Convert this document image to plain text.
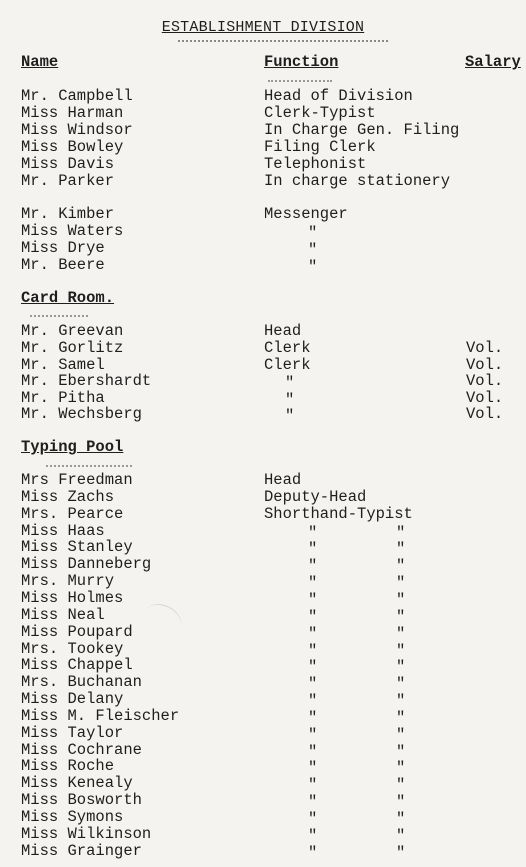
ESTABLISHMENT DIVISION
Name	Function	Salary
Mr. Campbell	Head of Division
Miss Harman	Clerk-Typist
Miss Windsor	In Charge Gen. Filing
Miss Bowley	Filing Clerk
Miss Davis	Telephonist
Mr. Parker	In charge stationery
Mr. Kimber	Messenger
Miss Waters	"
Miss Drye	"
Mr. Beere	"
Card Room.
Mr. Greevan	Head
Mr. Gorlitz	Clerk	Vol.
Mr. Samel	Clerk	Vol.
Mr. Ebershardt	"	Vol.
Mr. Pitha	"	Vol.
Mr. Wechsberg	"	Vol.
Typing Pool
Mrs Freedman	Head
Miss Zachs	Deputy-Head
Mrs. Pearce	Shorthand-Typist
Miss Haas	"	"
Miss Stanley	"	"
Miss Danneberg	"	"
Mrs. Murry	"	"
Miss Holmes	"	"
Miss Neal	"	"
Miss Poupard	"	"
Mrs. Tookey	"	"
Miss Chappel	"	"
Mrs. Buchanan	"	"
Miss Delany	"	"
Miss M. Fleischer	"	"
Miss Taylor	"	"
Miss Cochrane	"	"
Miss Roche	"	"
Miss Kenealy	"	"
Miss Bosworth	"	"
Miss Symons	"	"
Miss Wilkinson	"	"
Miss Grainger	"	"
